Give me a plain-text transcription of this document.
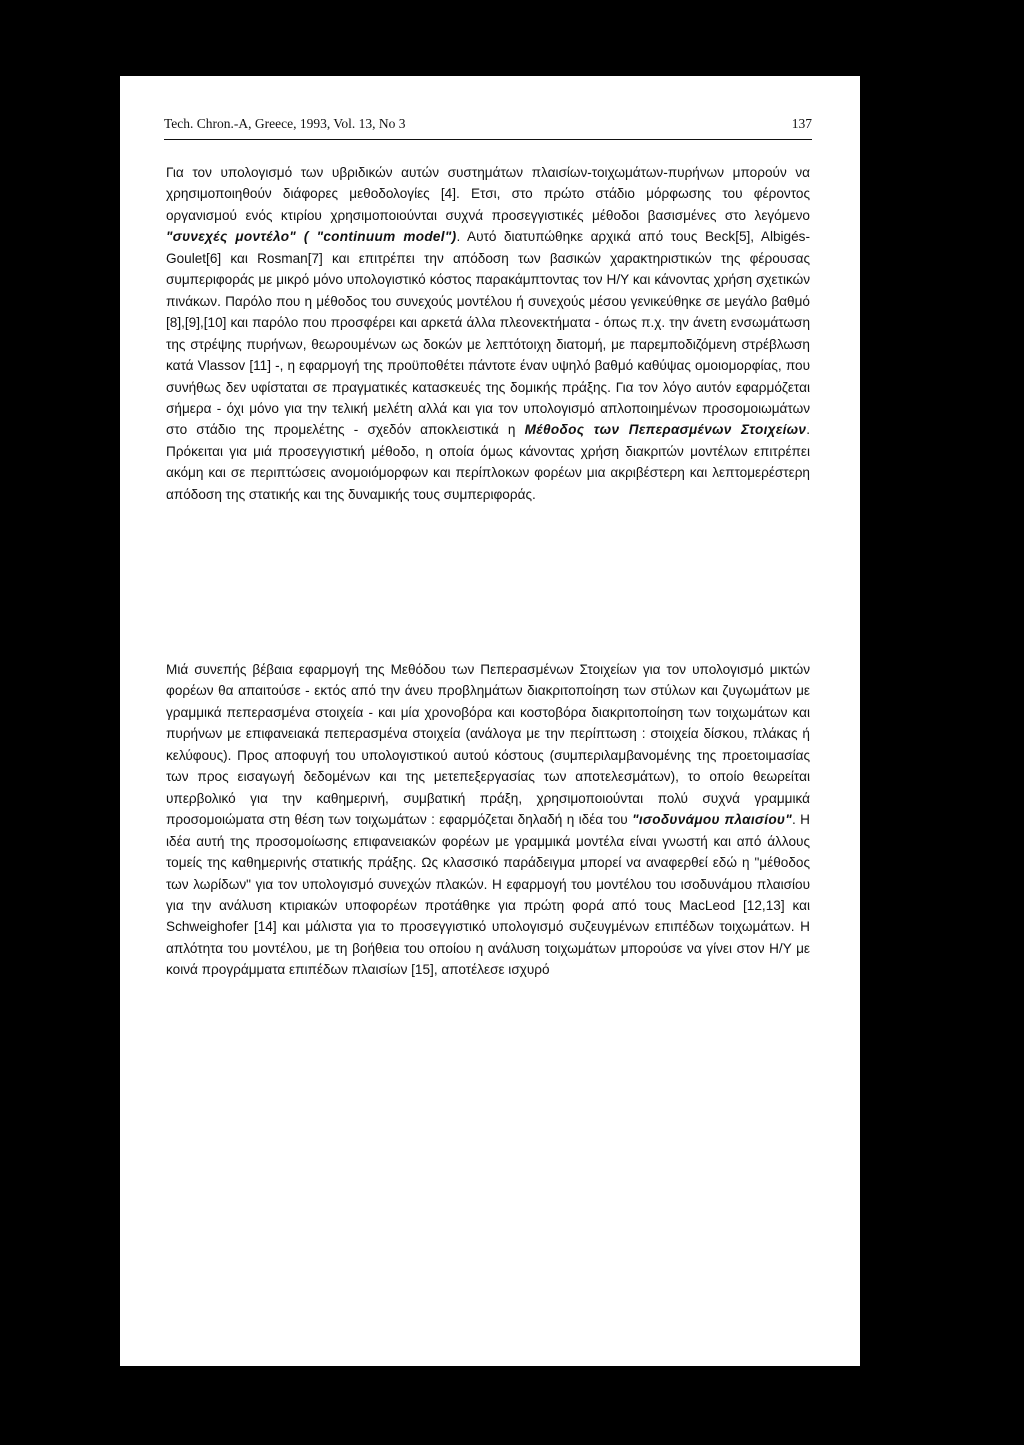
Tech. Chron.-A, Greece, 1993, Vol. 13, No 3	137

Για τον υπολογισμό των υβριδικών αυτών συστημάτων πλαισίων-τοιχωμάτων-πυρήνων μπορούν να χρησιμοποιηθούν διάφορες μεθοδολογίες [4]. Ετσι, στο πρώτο στάδιο μόρφωσης του φέροντος οργανισμού ενός κτιρίου χρησιμοποιούνται συχνά προσεγγιστικές μέθοδοι βασισμένες στο λεγόμενο "συνεχές μοντέλο" ( "continuum model"). Αυτό διατυπώθηκε αρχικά από τους Beck[5], Albigés-Goulet[6] και Rosman[7] και επιτρέπει την απόδοση των βασικών χαρακτηριστικών της φέρουσας συμπεριφοράς με μικρό μόνο υπολογιστικό κόστος παρακάμπτοντας τον Η/Υ και κάνοντας χρήση σχετικών πινάκων. Παρόλο που η μέθοδος του συνεχούς μοντέλου ή συνεχούς μέσου γενικεύθηκε σε μεγάλο βαθμό [8],[9],[10] και παρόλο που προσφέρει και αρκετά άλλα πλεονεκτήματα - όπως π.χ. την άνετη ενσωμάτωση της στρέψης πυρήνων, θεωρουμένων ως δοκών με λεπτότοιχη διατομή, με παρεμποδιζόμενη στρέβλωση κατά Vlassov [11] -, η εφαρμογή της προϋποθέτει πάντοτε έναν υψηλό βαθμό καθύψας ομοιομορφίας, που συνήθως δεν υφίσταται σε πραγματικές κατασκευές της δομικής πράξης. Για τον λόγο αυτόν εφαρμόζεται σήμερα - όχι μόνο για την τελική μελέτη αλλά και για τον υπολογισμό απλοποιημένων προσομοιωμάτων στο στάδιο της προμελέτης - σχεδόν αποκλειστικά η Μέθοδος των Πεπερασμένων Στοιχείων. Πρόκειται για μιά προσεγγιστική μέθοδο, η οποία όμως κάνοντας χρήση διακριτών μοντέλων επιτρέπει ακόμη και σε περιπτώσεις ανομοιόμορφων και περίπλοκων φορέων μια ακριβέστερη και λεπτομερέστερη απόδοση της στατικής και της δυναμικής τους συμπεριφοράς.

Μιά συνεπής βέβαια εφαρμογή της Μεθόδου των Πεπερασμένων Στοιχείων για τον υπολογισμό μικτών φορέων θα απαιτούσε - εκτός από την άνευ προβλημάτων διακριτοποίηση των στύλων και ζυγωμάτων με γραμμικά πεπερασμένα στοιχεία - και μία χρονοβόρα και κοστοβόρα διακριτοποίηση των τοιχωμάτων και πυρήνων με επιφανειακά πεπερασμένα στοιχεία (ανάλογα με την περίπτωση : στοιχεία δίσκου, πλάκας ή κελύφους). Προς αποφυγή του υπολογιστικού αυτού κόστους (συμπεριλαμβανομένης της προετοιμασίας των προς εισαγωγή δεδομένων και της μετεπεξεργασίας των αποτελεσμάτων), το οποίο θεωρείται υπερβολικό για την καθημερινή, συμβατική πράξη, χρησιμοποιούνται πολύ συχνά γραμμικά προσομοιώματα στη θέση των τοιχωμάτων : εφαρμόζεται δηλαδή η ιδέα του "ισοδυνάμου πλαισίου". Η ιδέα αυτή της προσομοίωσης επιφανειακών φορέων με γραμμικά μοντέλα είναι γνωστή και από άλλους τομείς της καθημερινής στατικής πράξης. Ως κλασσικό παράδειγμα μπορεί να αναφερθεί εδώ η "μέθοδος των λωρίδων" για τον υπολογισμό συνεχών πλακών. Η εφαρμογή του μοντέλου του ισοδυνάμου πλαισίου για την ανάλυση κτιριακών υποφορέων προτάθηκε για πρώτη φορά από τους MacLeod [12,13] και Schweighofer [14] και μάλιστα για το προσεγγιστικό υπολογισμό συζευγμένων επιπέδων τοιχωμάτων. Η απλότητα του μοντέλου, με τη βοήθεια του οποίου η ανάλυση τοιχωμάτων μπορούσε να γίνει στον Η/Υ με κοινά προγράμματα επιπέδων πλαισίων [15], αποτέλεσε ισχυρό
